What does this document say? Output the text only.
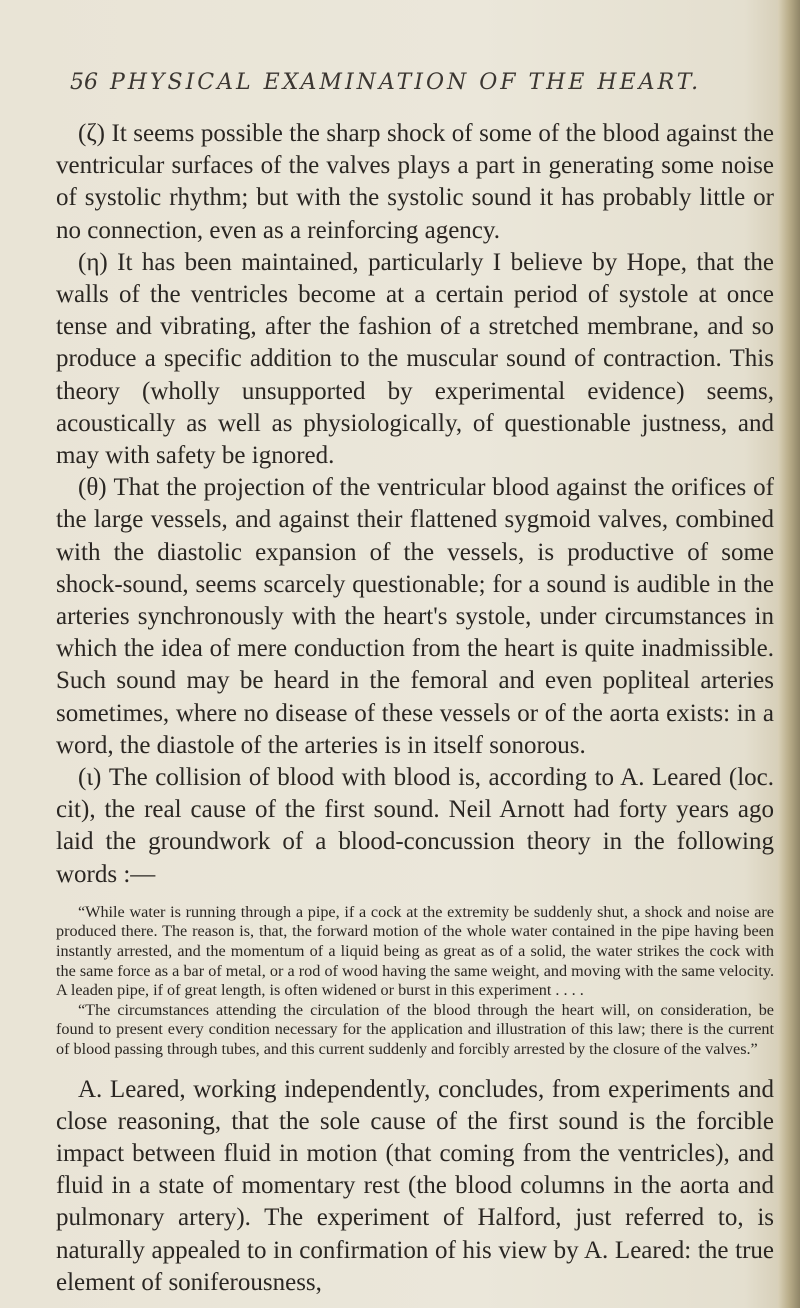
56 PHYSICAL EXAMINATION OF THE HEART.

(ζ) It seems possible the sharp shock of some of the blood against the ventricular surfaces of the valves plays a part in generating some noise of systolic rhythm; but with the systolic sound it has probably little or no connection, even as a reinforcing agency.

(η) It has been maintained, particularly I believe by Hope, that the walls of the ventricles become at a certain period of systole at once tense and vibrating, after the fashion of a stretched membrane, and so produce a specific addition to the muscular sound of contraction. This theory (wholly unsupported by experimental evidence) seems, acoustically as well as physiologically, of questionable justness, and may with safety be ignored.

(θ) That the projection of the ventricular blood against the orifices of the large vessels, and against their flattened sygmoid valves, combined with the diastolic expansion of the vessels, is productive of some shock-sound, seems scarcely questionable; for a sound is audible in the arteries synchronously with the heart's systole, under circumstances in which the idea of mere conduction from the heart is quite inadmissible. Such sound may be heard in the femoral and even popliteal arteries sometimes, where no disease of these vessels or of the aorta exists: in a word, the diastole of the arteries is in itself sonorous.

(ι) The collision of blood with blood is, according to A. Leared (loc. cit), the real cause of the first sound. Neil Arnott had forty years ago laid the groundwork of a blood-concussion theory in the following words :—

“While water is running through a pipe, if a cock at the extremity be suddenly shut, a shock and noise are produced there. The reason is, that, the forward motion of the whole water contained in the pipe having been instantly arrested, and the momentum of a liquid being as great as of a solid, the water strikes the cock with the same force as a bar of metal, or a rod of wood having the same weight, and moving with the same velocity. A leaden pipe, if of great length, is often widened or burst in this experiment . . . .

“The circumstances attending the circulation of the blood through the heart will, on consideration, be found to present every condition necessary for the application and illustration of this law; there is the current of blood passing through tubes, and this current suddenly and forcibly arrested by the closure of the valves.”

A. Leared, working independently, concludes, from experiments and close reasoning, that the sole cause of the first sound is the forcible impact between fluid in motion (that coming from the ventricles), and fluid in a state of momentary rest (the blood columns in the aorta and pulmonary artery). The experiment of Halford, just referred to, is naturally appealed to in confirmation of his view by A. Leared: the true element of soniferousness,
